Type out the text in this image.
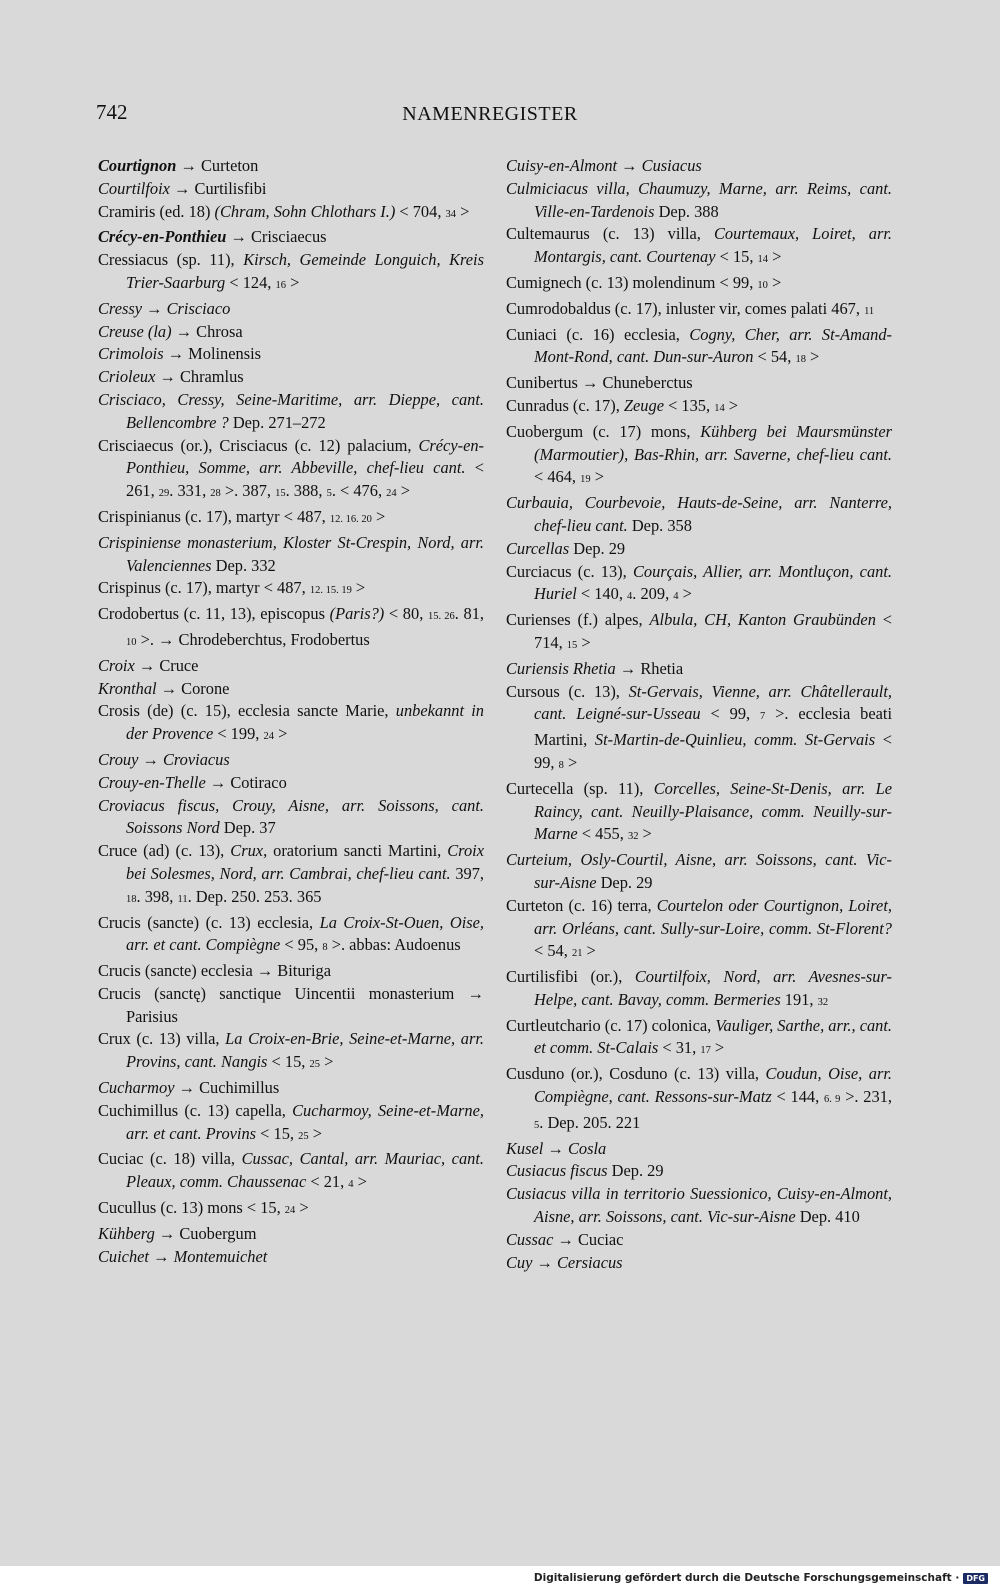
742	NAMENREGISTER

Courtignon → Curteton

Courtilfoix → Curtilisfibi

Cramiris (ed. 18) (Chram, Sohn Chlothars I.) < 704, 34 >

Crécy-en-Ponthieu → Crisciaecus

Cressiacus (sp. 11), Kirsch, Gemeinde Longuich, Kreis Trier-Saarburg < 124, 16 >

Cressy → Crisciaco

Creuse (la) → Chrosa

Crimolois → Molinensis

Crioleux → Chramlus

Crisciaco, Cressy, Seine-Maritime, arr. Dieppe, cant. Bellencombre ? Dep. 271–272

Crisciaecus (or.), Crisciacus (c. 12) palacium, Crécy-en-Ponthieu, Somme, arr. Abbeville, chef-lieu cant. < 261, 29. 331, 28 >. 387, 15. 388, 5. < 476, 24 >

Crispinianus (c. 17), martyr < 487, 12. 16. 20 >

Crispiniense monasterium, Kloster St-Crespin, Nord, arr. Valenciennes Dep. 332

Crispinus (c. 17), martyr < 487, 12. 15. 19 >

Crodobertus (c. 11, 13), episcopus (Paris?) < 80, 15. 26. 81, 10 >. → Chrodeberchtus, Frodobertus

Croix → Cruce

Kronthal → Corone

Crosis (de) (c. 15), ecclesia sancte Marie, unbekannt in der Provence < 199, 24 >

Crouy → Croviacus

Crouy-en-Thelle → Cotiraco

Croviacus fiscus, Crouy, Aisne, arr. Soissons, cant. Soissons Nord Dep. 37

Cruce (ad) (c. 13), Crux, oratorium sancti Martini, Croix bei Solesmes, Nord, arr. Cambrai, chef-lieu cant. 397, 18. 398, 11. Dep. 250. 253. 365

Crucis (sancte) (c. 13) ecclesia, La Croix-St-Ouen, Oise, arr. et cant. Compiègne < 95, 8 >. abbas: Audoenus

Crucis (sancte) ecclesia → Bituriga

Crucis (sanctę) sanctique Uincentii monasterium → Parisius

Crux (c. 13) villa, La Croix-en-Brie, Seine-et-Marne, arr. Provins, cant. Nangis < 15, 25 >

Cucharmoy → Cuchimillus

Cuchimillus (c. 13) capella, Cucharmoy, Seine-et-Marne, arr. et cant. Provins < 15, 25 >

Cuciac (c. 18) villa, Cussac, Cantal, arr. Mauriac, cant. Pleaux, comm. Chaussenac < 21, 4 >

Cucullus (c. 13) mons < 15, 24 >

Kühberg → Cuobergum

Cuichet → Montemuichet

Cuisy-en-Almont → Cusiacus

Culmiciacus villa, Chaumuzy, Marne, arr. Reims, cant. Ville-en-Tardenois Dep. 388

Cultemaurus (c. 13) villa, Courtemaux, Loiret, arr. Montargis, cant. Courtenay < 15, 14 >

Cumignech (c. 13) molendinum < 99, 10 >

Cumrodobaldus (c. 17), inluster vir, comes palati 467, 11

Cuniaci (c. 16) ecclesia, Cogny, Cher, arr. St-Amand-Mont-Rond, cant. Dun-sur-Auron < 54, 18 >

Cunibertus → Chuneberctus

Cunradus (c. 17), Zeuge < 135, 14 >

Cuobergum (c. 17) mons, Kühberg bei Maursmünster (Marmoutier), Bas-Rhin, arr. Saverne, chef-lieu cant. < 464, 19 >

Curbauia, Courbevoie, Hauts-de-Seine, arr. Nanterre, chef-lieu cant. Dep. 358

Curcellas Dep. 29

Curciacus (c. 13), Courçais, Allier, arr. Montluçon, cant. Huriel < 140, 4. 209, 4 >

Curienses (f.) alpes, Albula, CH, Kanton Graubünden < 714, 15 >

Curiensis Rhetia → Rhetia

Cursous (c. 13), St-Gervais, Vienne, arr. Châtellerault, cant. Leigné-sur-Usseau < 99, 7 >. ecclesia beati Martini, St-Martin-de-Quinlieu, comm. St-Gervais < 99, 8 >

Curtecella (sp. 11), Corcelles, Seine-St-Denis, arr. Le Raincy, cant. Neuilly-Plaisance, comm. Neuilly-sur-Marne < 455, 32 >

Curteium, Osly-Courtil, Aisne, arr. Soissons, cant. Vic-sur-Aisne Dep. 29

Curteton (c. 16) terra, Courtelon oder Courtignon, Loiret, arr. Orléans, cant. Sully-sur-Loire, comm. St-Florent? < 54, 21 >

Curtilisfibi (or.), Courtilfoix, Nord, arr. Avesnes-sur-Helpe, cant. Bavay, comm. Bermeries 191, 32

Curtleutchario (c. 17) colonica, Vauliger, Sarthe, arr., cant. et comm. St-Calais < 31, 17 >

Cusduno (or.), Cosduno (c. 13) villa, Coudun, Oise, arr. Compiègne, cant. Ressons-sur-Matz < 144, 6. 9 >. 231, 5. Dep. 205. 221

Kusel → Cosla

Cusiacus fiscus Dep. 29

Cusiacus villa in territorio Suessionico, Cuisy-en-Almont, Aisne, arr. Soissons, cant. Vic-sur-Aisne Dep. 410

Cussac → Cuciac

Cuy → Cersiacus

Digitalisierung gefördert durch die Deutsche Forschungsgemeinschaft · DFG
